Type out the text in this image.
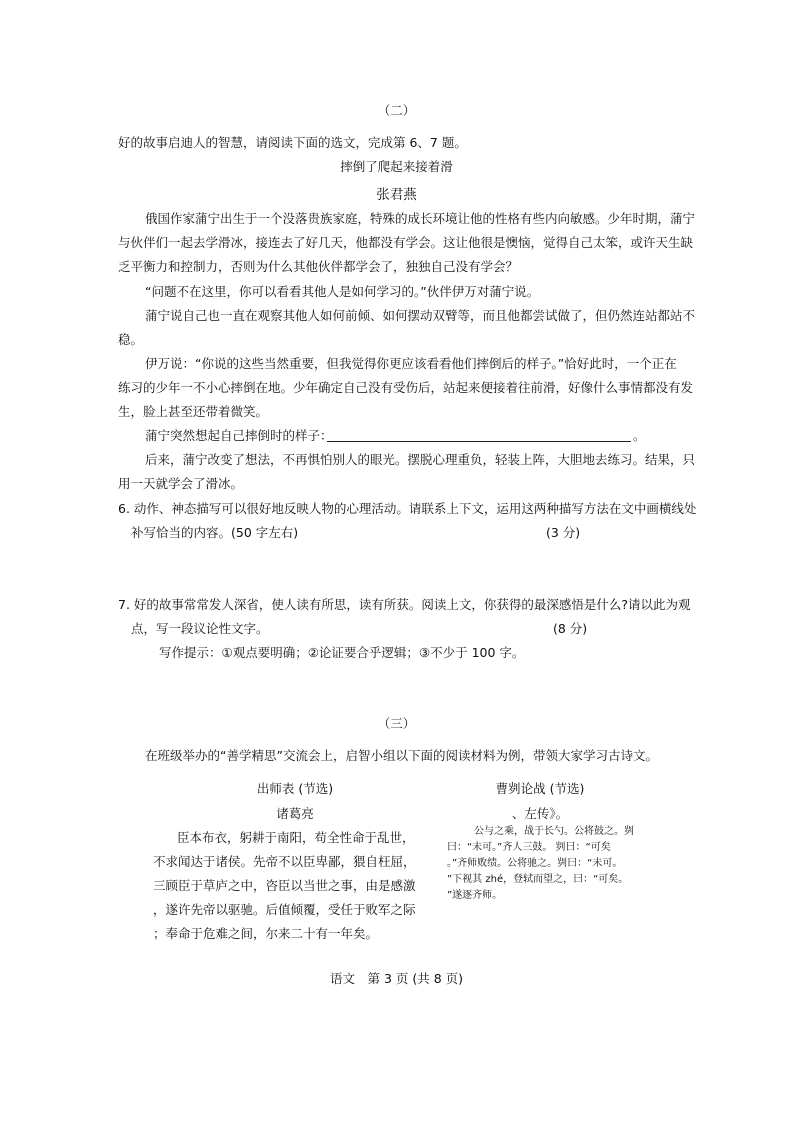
（二）
好的故事启迪人的智慧，请阅读下面的选文，完成第 6、7 题。
摔倒了爬起来接着滑
张君燕
俄国作家蒲宁出生于一个没落贵族家庭，特殊的成长环境让他的性格有些内向敏感。少年时期，蒲宁
与伙伴们一起去学滑冰，接连去了好几天，他都没有学会。这让他很是懊恼，觉得自己太笨，或许天生缺
乏平衡力和控制力，否则为什么其他伙伴都学会了，独独自己没有学会？
“问题不在这里，你可以看看其他人是如何学习的。”伙伴伊万对蒲宁说。
蒲宁说自己也一直在观察其他人如何前倾、如何摆动双臂等，而且他都尝试做了，但仍然连站都站不
稳。
伊万说：“你说的这些当然重要，但我觉得你更应该看看他们摔倒后的样子。”恰好此时，一个正在
练习的少年一不小心摔倒在地。少年确定自己没有受伤后，站起来便接着往前滑，好像什么事情都没有发
生，脸上甚至还带着微笑。
蒲宁突然想起自己摔倒时的样子：	。
后来，蒲宁改变了想法，不再惧怕别人的眼光。摆脱心理重负，轻装上阵，大胆地去练习。结果，只
用一天就学会了滑冰。
6. 动作、神态描写可以很好地反映人物的心理活动。请联系上下文，运用这两种描写方法在文中画横线处
补写恰当的内容。(50 字左右)	(3 分)
7. 好的故事常常发人深省，使人读有所思，读有所获。阅读上文，你获得的最深感悟是什么?请以此为观
点，写一段议论性文字。	(8 分)
写作提示：①观点要明确；②论证要合乎逻辑；③不少于 100 字。
（三）
在班级举办的“善学精思”交流会上，启智小组以下面的阅读材料为例，带领大家学习古诗文。
出师表 (节选)
诸葛亮
臣本布衣，躬耕于南阳，苟全性命于乱世，
不求闻达于诸侯。先帝不以臣卑鄙，猥自枉屈，
三顾臣于草庐之中，咨臣以当世之事，由是感激
，遂许先帝以驱驰。后值倾覆，受任于败军之际
；奉命于危难之间，尔来二十有一年矣。
曹刿论战 (节选)
、左传》。
公与之乘，战于长勺。公将鼓之。刿
曰：“未可。”齐人三鼓。 刿曰：“可矣
。”齐师败绩。公将驰之。刿曰：“未可。
”下视其 zhé，登轼而望之，曰：“可矣。
”遂逐齐师。
语文　第 3 页 (共 8 页)
